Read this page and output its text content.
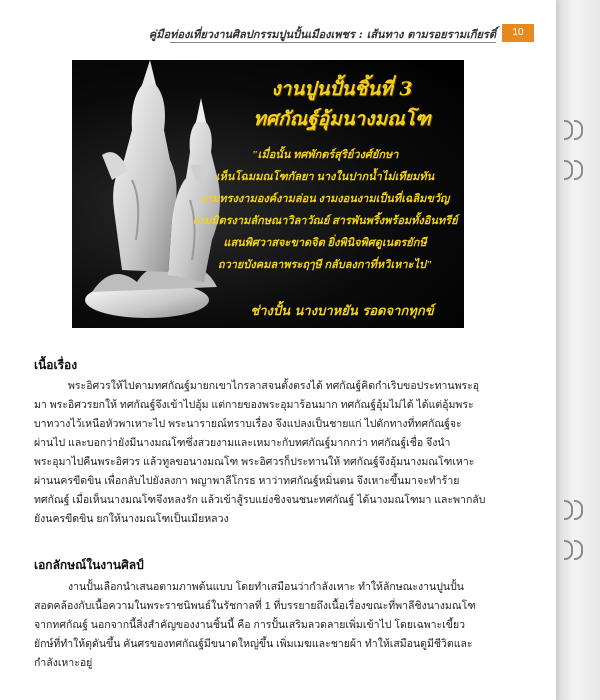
คู่มือท่องเที่ยวงานศิลปกรรมปูนปั้นเมืองเพชร : เส้นทาง ตามรอยรามเกียรติ์	10
งานปูนปั้นชิ้นที่ 3
ทศกัณฐ์อุ้มนางมณโฑ
"เมื่อนั้น ทศพักตร์สุริย์วงศ์ยักษา
เห็นโฉมมณโฑกัลยา นางในปากน้ำไม่เทียมทัน
งามทรงงามองค์งามล่อน งามงอนงามเป็นที่เฉลิมขวัญ
งามมิตรงามลักษณาวิลาวัณย์ สารพันพริ้งพร้อมทั้งอินทรีย์
แสนพิศวาสจะขาดจิต ยิ่งพินิจพิศดูเนตรยักษี
ถวายบังคมลาพระฤๅษี กลับลงกาที่หวิเหาะไป"
ช่างปั้น นางบาหยัน รอดจากทุกข์
เนื้อเรื่อง
พระอิศวรให้ไปตามทศกัณฐ์มายกเขาไกรลาสจนตั้งตรงได้ ทศกัณฐ์คิดกำเริบขอประทานพระอุ
มา พระอิศวรยกให้ ทศกัณฐ์จึงเข้าไปอุ้ม แต่กายของพระอุมาร้อนมาก ทศกัณฐ์อุ้มไม่ได้ ได้แต่อุ้มพระ
บาทวางไว้เหนือหัวพาเหาะไป พระนารายณ์ทราบเรื่อง จึงแปลงเป็นชายแก่ ไปดักทางที่ทศกัณฐ์จะ
ผ่านไป และบอกว่ายังมีนางมณโฑซึ่งสวยงามและเหมาะกับทศกัณฐ์มากกว่า ทศกัณฐ์เชื่อ จึงนำ
พระอุมาไปคืนพระอิศวร แล้วทูลขอนางมณโฑ พระอิศวรก็ประทานให้ ทศกัณฐ์จึงอุ้มนางมณโฑเหาะ
ผ่านนครขีดขิน เพื่อกลับไปยังลงกา พญาพาลีโกรธ หาว่าทศกัณฐ์หมิ่นตน จึงเหาะขึ้นมาจะทำร้าย
ทศกัณฐ์ เมื่อเห็นนางมณโฑจึงหลงรัก แล้วเข้าสู้รบแย่งชิงจนชนะทศกัณฐ์ ได้นางมณโฑมา และพากลับ
ยังนครขีดขิน ยกให้นางมณโฑเป็นเมียหลวง
เอกลักษณ์ในงานศิลป์
งานปั้นเลือกนำเสนอตามภาพต้นแบบ โดยทำเสมือนว่ากำลังเหาะ ทำให้ลักษณะงานปูนปั้น
สอดคล้องกับเนื้อความในพระราชนิพนธ์ในรัชกาลที่ 1 ที่บรรยายถึงเนื้อเรื่องขณะที่พาลีชิงนางมณโฑ
จากทศกัณฐ์ นอกจากนี้สิ่งสำคัญของงานชิ้นนี้ คือ การปั้นเสริมลวดลายเพิ่มเข้าไป โดยเฉพาะเขี้ยว
ยักษ์ที่ทำให้ดุดันขึ้น คันศรของทศกัณฐ์มีขนาดใหญ่ขึ้น เพิ่มเมฆและชายผ้า ทำให้เสมือนดูมีชีวิตและ
กำลังเหาะอยู่
